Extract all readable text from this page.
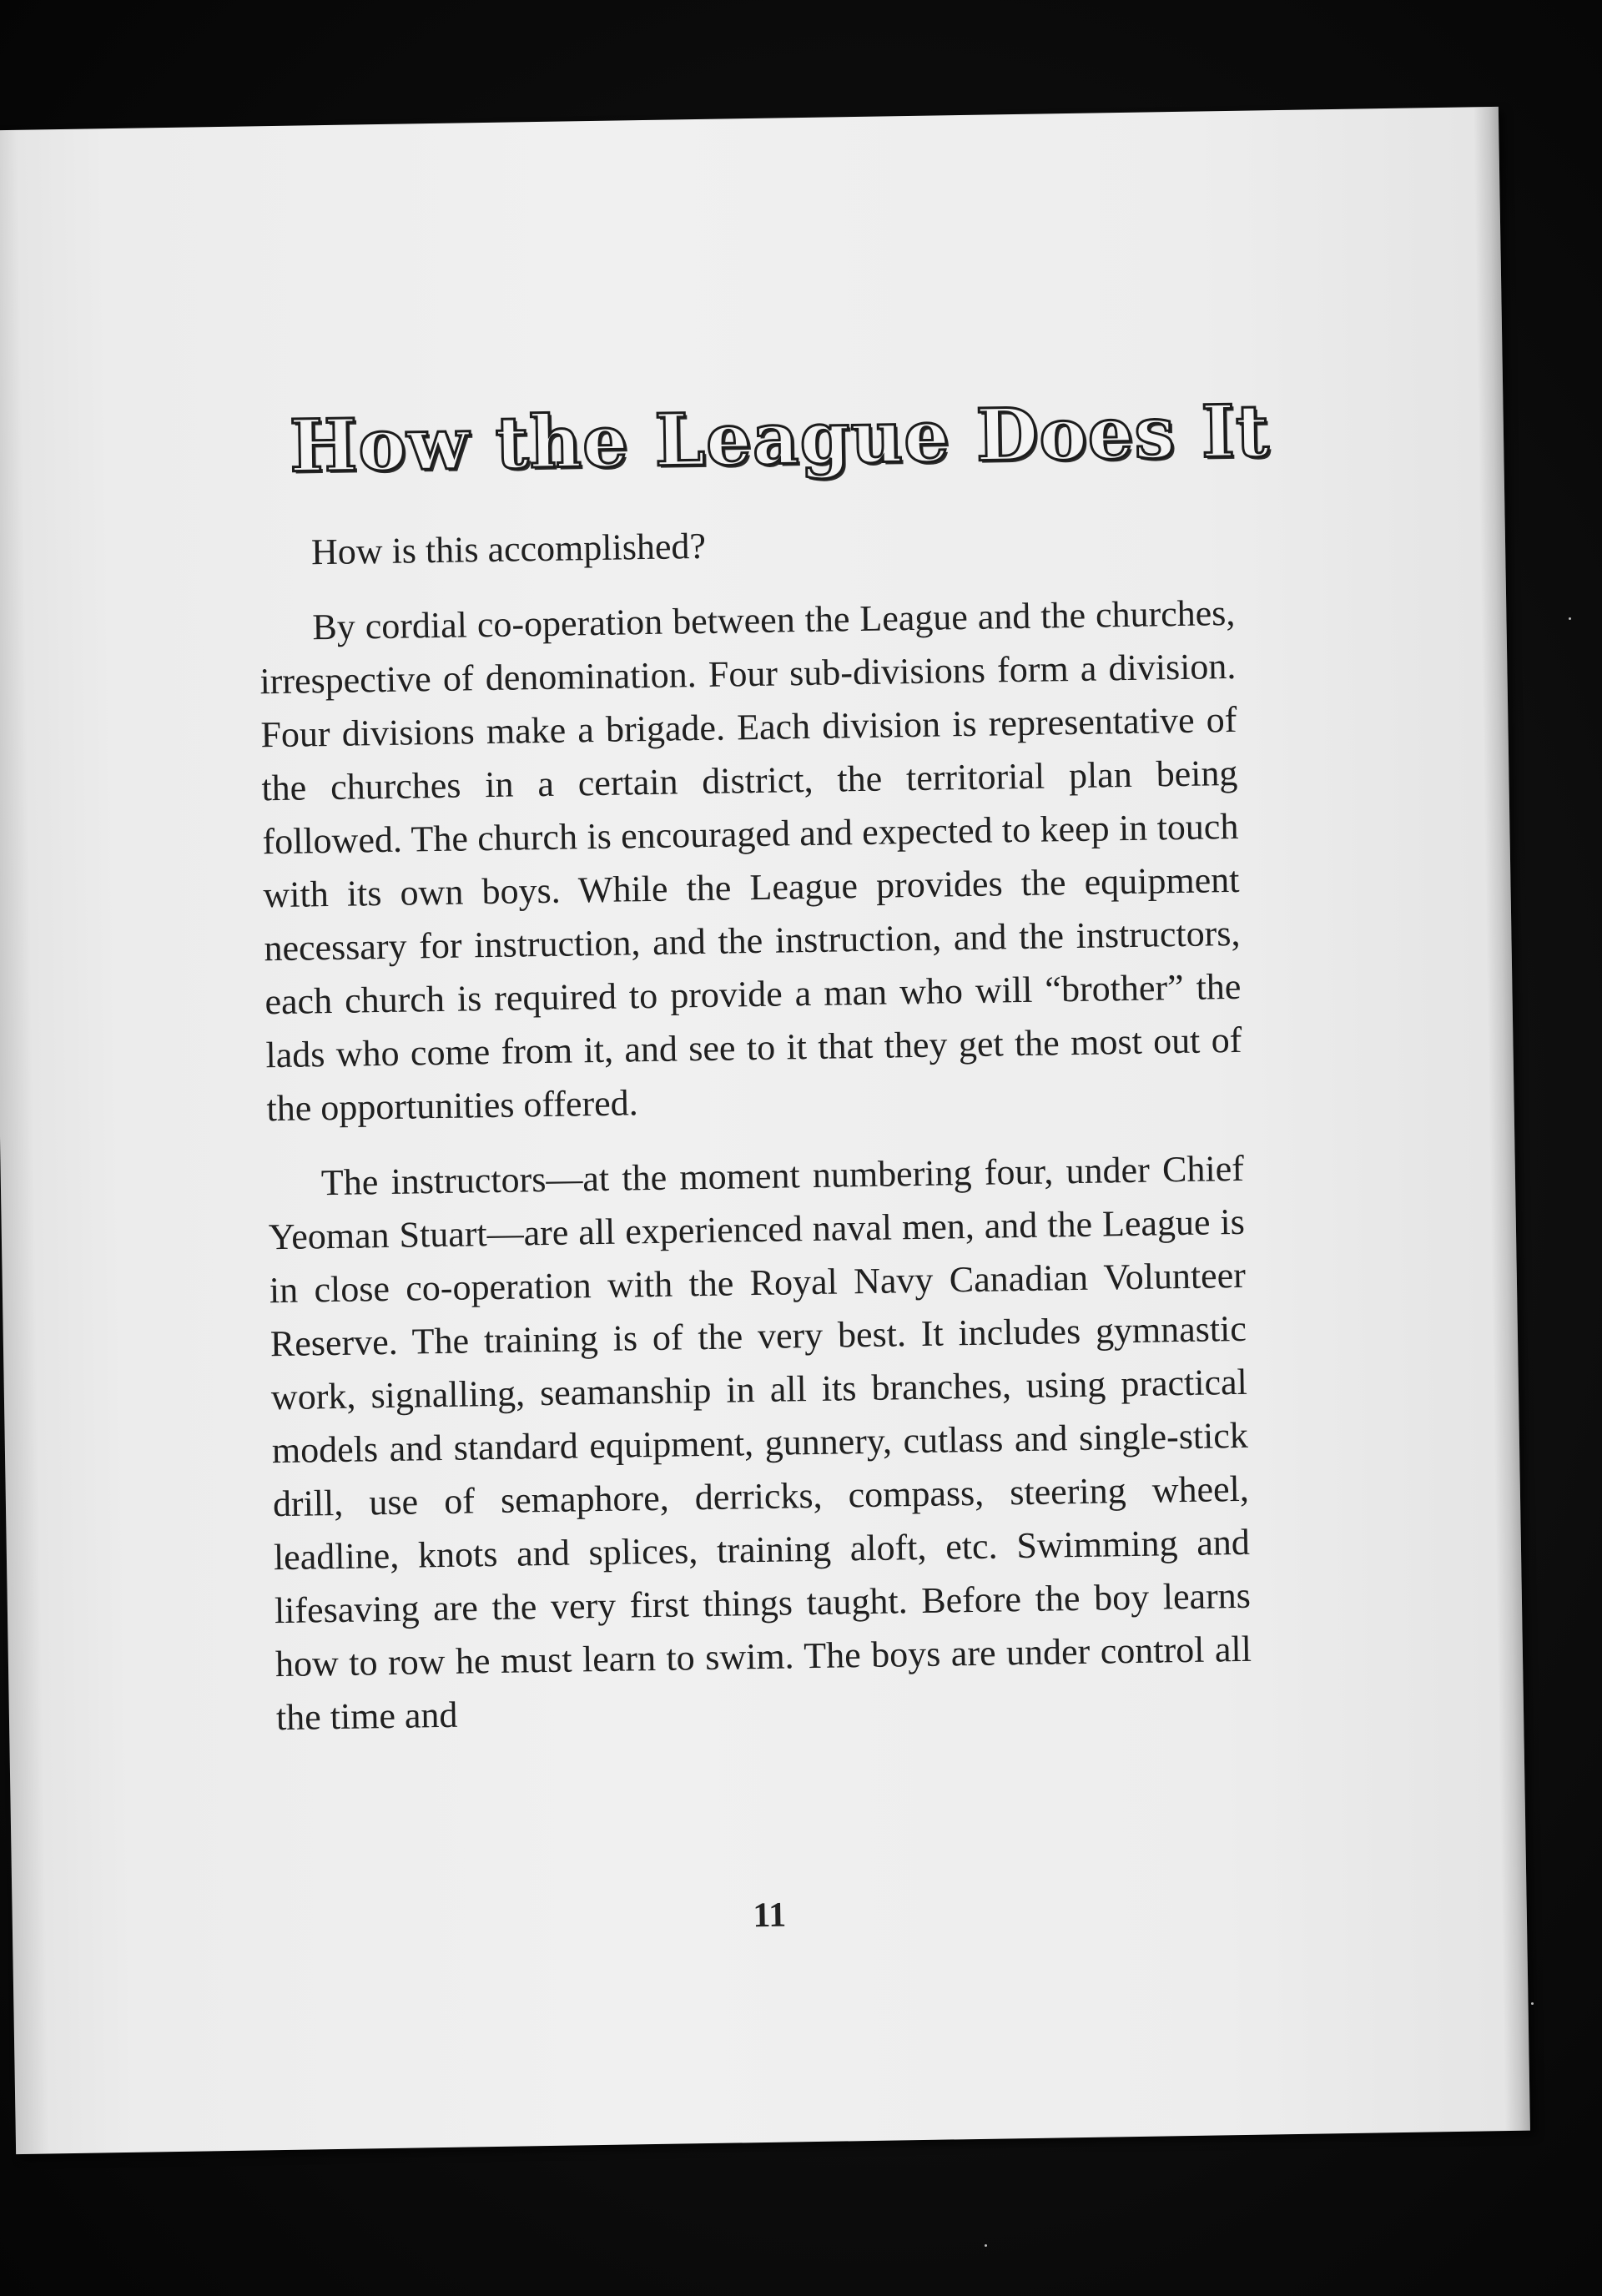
How the League Does It

How is this accomplished?

By cordial co-operation between the League and the churches, irrespective of denomination. Four sub-divisions form a division. Four divisions make a brigade. Each division is representative of the churches in a certain district, the territorial plan being followed. The church is encouraged and expected to keep in touch with its own boys. While the League provides the equipment necessary for instruction, and the instruction, and the instructors, each church is required to provide a man who will “brother” the lads who come from it, and see to it that they get the most out of the opportunities offered.

The instructors—at the moment numbering four, under Chief Yeoman Stuart—are all experienced naval men, and the League is in close co-operation with the Royal Navy Canadian Volunteer Reserve. The training is of the very best. It includes gymnastic work, signalling, seamanship in all its branches, using practical models and standard equipment, gunnery, cutlass and single-stick drill, use of semaphore, derricks, compass, steering wheel, leadline, knots and splices, training aloft, etc. Swimming and lifesaving are the very first things taught. Before the boy learns how to row he must learn to swim. The boys are under control all the time and

11
